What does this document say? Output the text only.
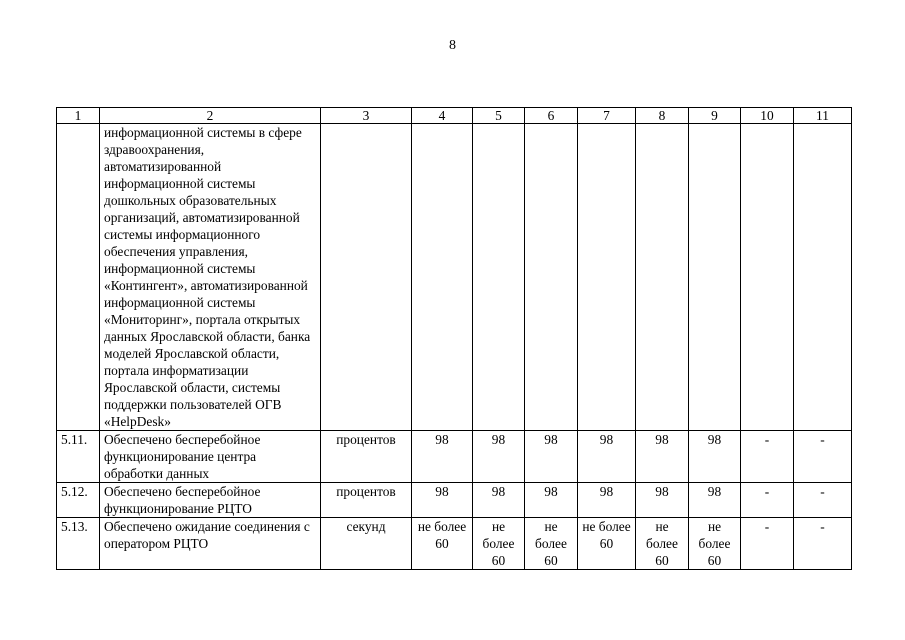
8
1	2	3	4	5	6	7	8	9	10	11
	информационной системы в сфере здравоохранения, автоматизированной информационной системы дошкольных образовательных организаций, автоматизированной системы информационного обеспечения управления, информационной системы «Контингент», автоматизированной информационной системы «Мониторинг», портала открытых данных Ярославской области, банка моделей Ярославской области, портала информатизации Ярославской области, системы поддержки пользователей ОГВ «HelpDesk»									
5.11.	Обеспечено бесперебойное функционирование центра обработки данных	процентов	98	98	98	98	98	98	-	-
5.12.	Обеспечено бесперебойное функционирование РЦТО	процентов	98	98	98	98	98	98	-	-
5.13.	Обеспечено ожидание соединения с оператором РЦТО	секунд	не более 60	не более 60	не более 60	не более 60	не более 60	не более 60	-	-
